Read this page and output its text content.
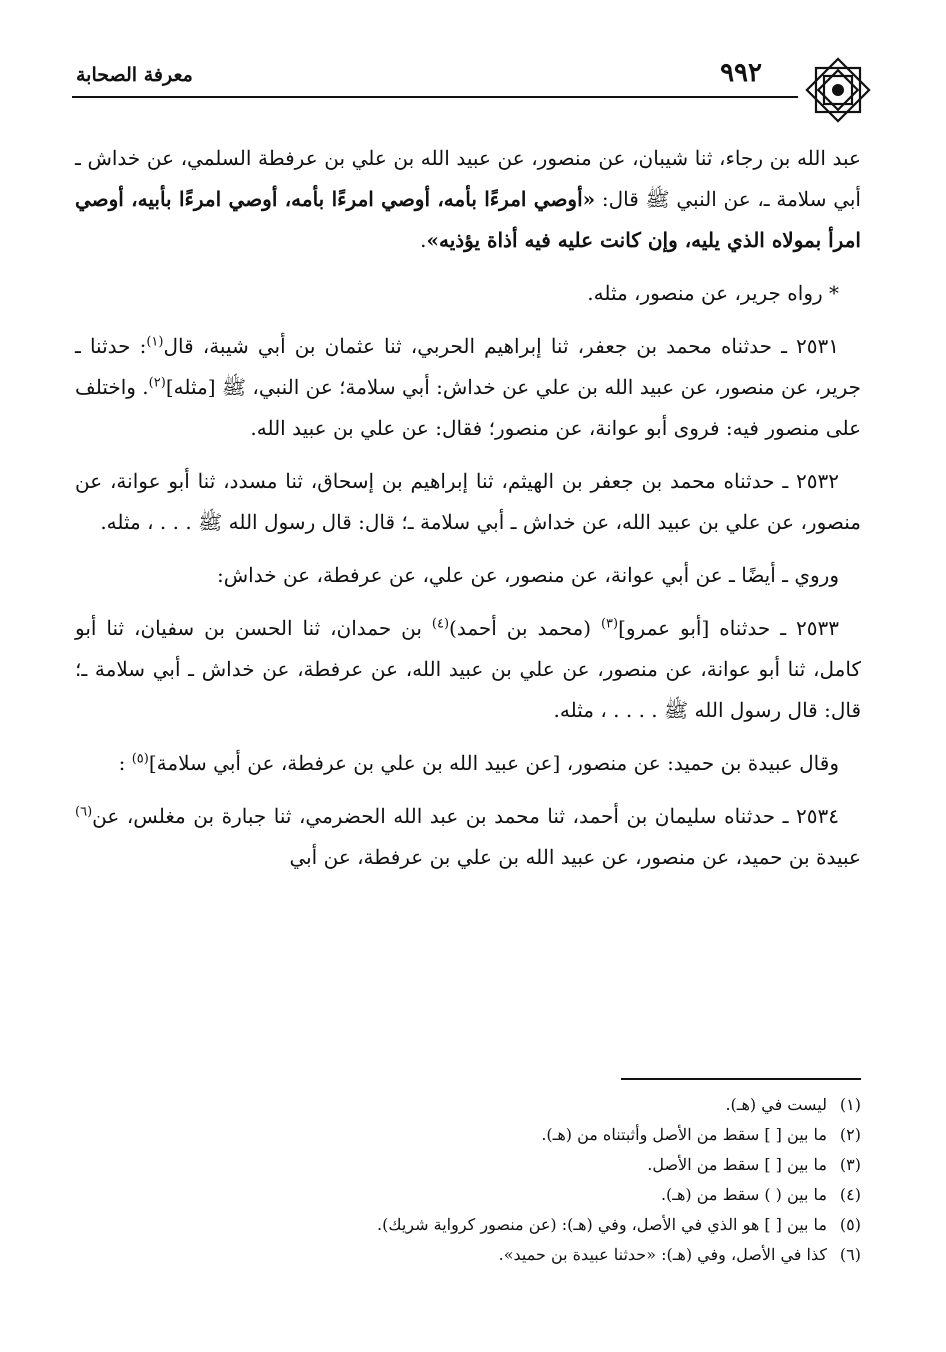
٩٩٢
معرفة الصحابة

عبد الله بن رجاء، ثنا شيبان، عن منصور، عن عبيد الله بن علي بن عرفطة السلمي، عن خداش ـ أبي سلامة ـ، عن النبي ﷺ قال: «أوصي امرءًا بأمه، أوصي امرءًا بأمه، أوصي امرءًا بأبيه، أوصي امرأ بمولاه الذي يليه، وإن كانت عليه فيه أذاة يؤذيه».

* رواه جرير، عن منصور، مثله.

٢٥٣١ ـ حدثناه محمد بن جعفر، ثنا إبراهيم الحربي، ثنا عثمان بن أبي شيبة، قال$^{(١)}$: حدثنا ـ جرير، عن منصور، عن عبيد الله بن علي عن خداش: أبي سلامة؛ عن النبي، ﷺ [مثله]$^{(٢)}$. واختلف على منصور فيه: فروى أبو عوانة، عن منصور؛ فقال: عن علي بن عبيد الله.

٢٥٣٢ ـ حدثناه محمد بن جعفر بن الهيثم، ثنا إبراهيم بن إسحاق، ثنا مسدد، ثنا أبو عوانة، عن منصور، عن علي بن عبيد الله، عن خداش ـ أبي سلامة ـ؛ قال: قال رسول الله ﷺ . . . ، مثله.

وروي ـ أيضًا ـ عن أبي عوانة، عن منصور، عن علي، عن عرفطة، عن خداش:

٢٥٣٣ ـ حدثناه [أبو عمرو]$^{(٣)}$ (محمد بن أحمد)$^{(٤)}$ بن حمدان، ثنا الحسن بن سفيان، ثنا أبو كامل، ثنا أبو عوانة، عن منصور، عن علي بن عبيد الله، عن عرفطة، عن خداش ـ أبي سلامة ـ؛ قال: قال رسول الله ﷺ . . . . ، مثله.

وقال عبيدة بن حميد: عن منصور، [عن عبيد الله بن علي بن عرفطة، عن أبي سلامة]$^{(٥)}$ :

٢٥٣٤ ـ حدثناه سليمان بن أحمد، ثنا محمد بن عبد الله الحضرمي، ثنا جبارة بن مغلس، عن$^{(٦)}$ عبيدة بن حميد، عن منصور، عن عبيد الله بن علي بن عرفطة، عن أبي

(١)ليست في (هـ).
(٢)ما بين [ ] سقط من الأصل وأثبتناه من (هـ).
(٣)ما بين [ ] سقط من الأصل.
(٤)ما بين ( ) سقط من (هـ).
(٥)ما بين [ ] هو الذي في الأصل، وفي (هـ): (عن منصور كرواية شريك).
(٦)كذا في الأصل، وفي (هـ): «حدثنا عبيدة بن حميد».
